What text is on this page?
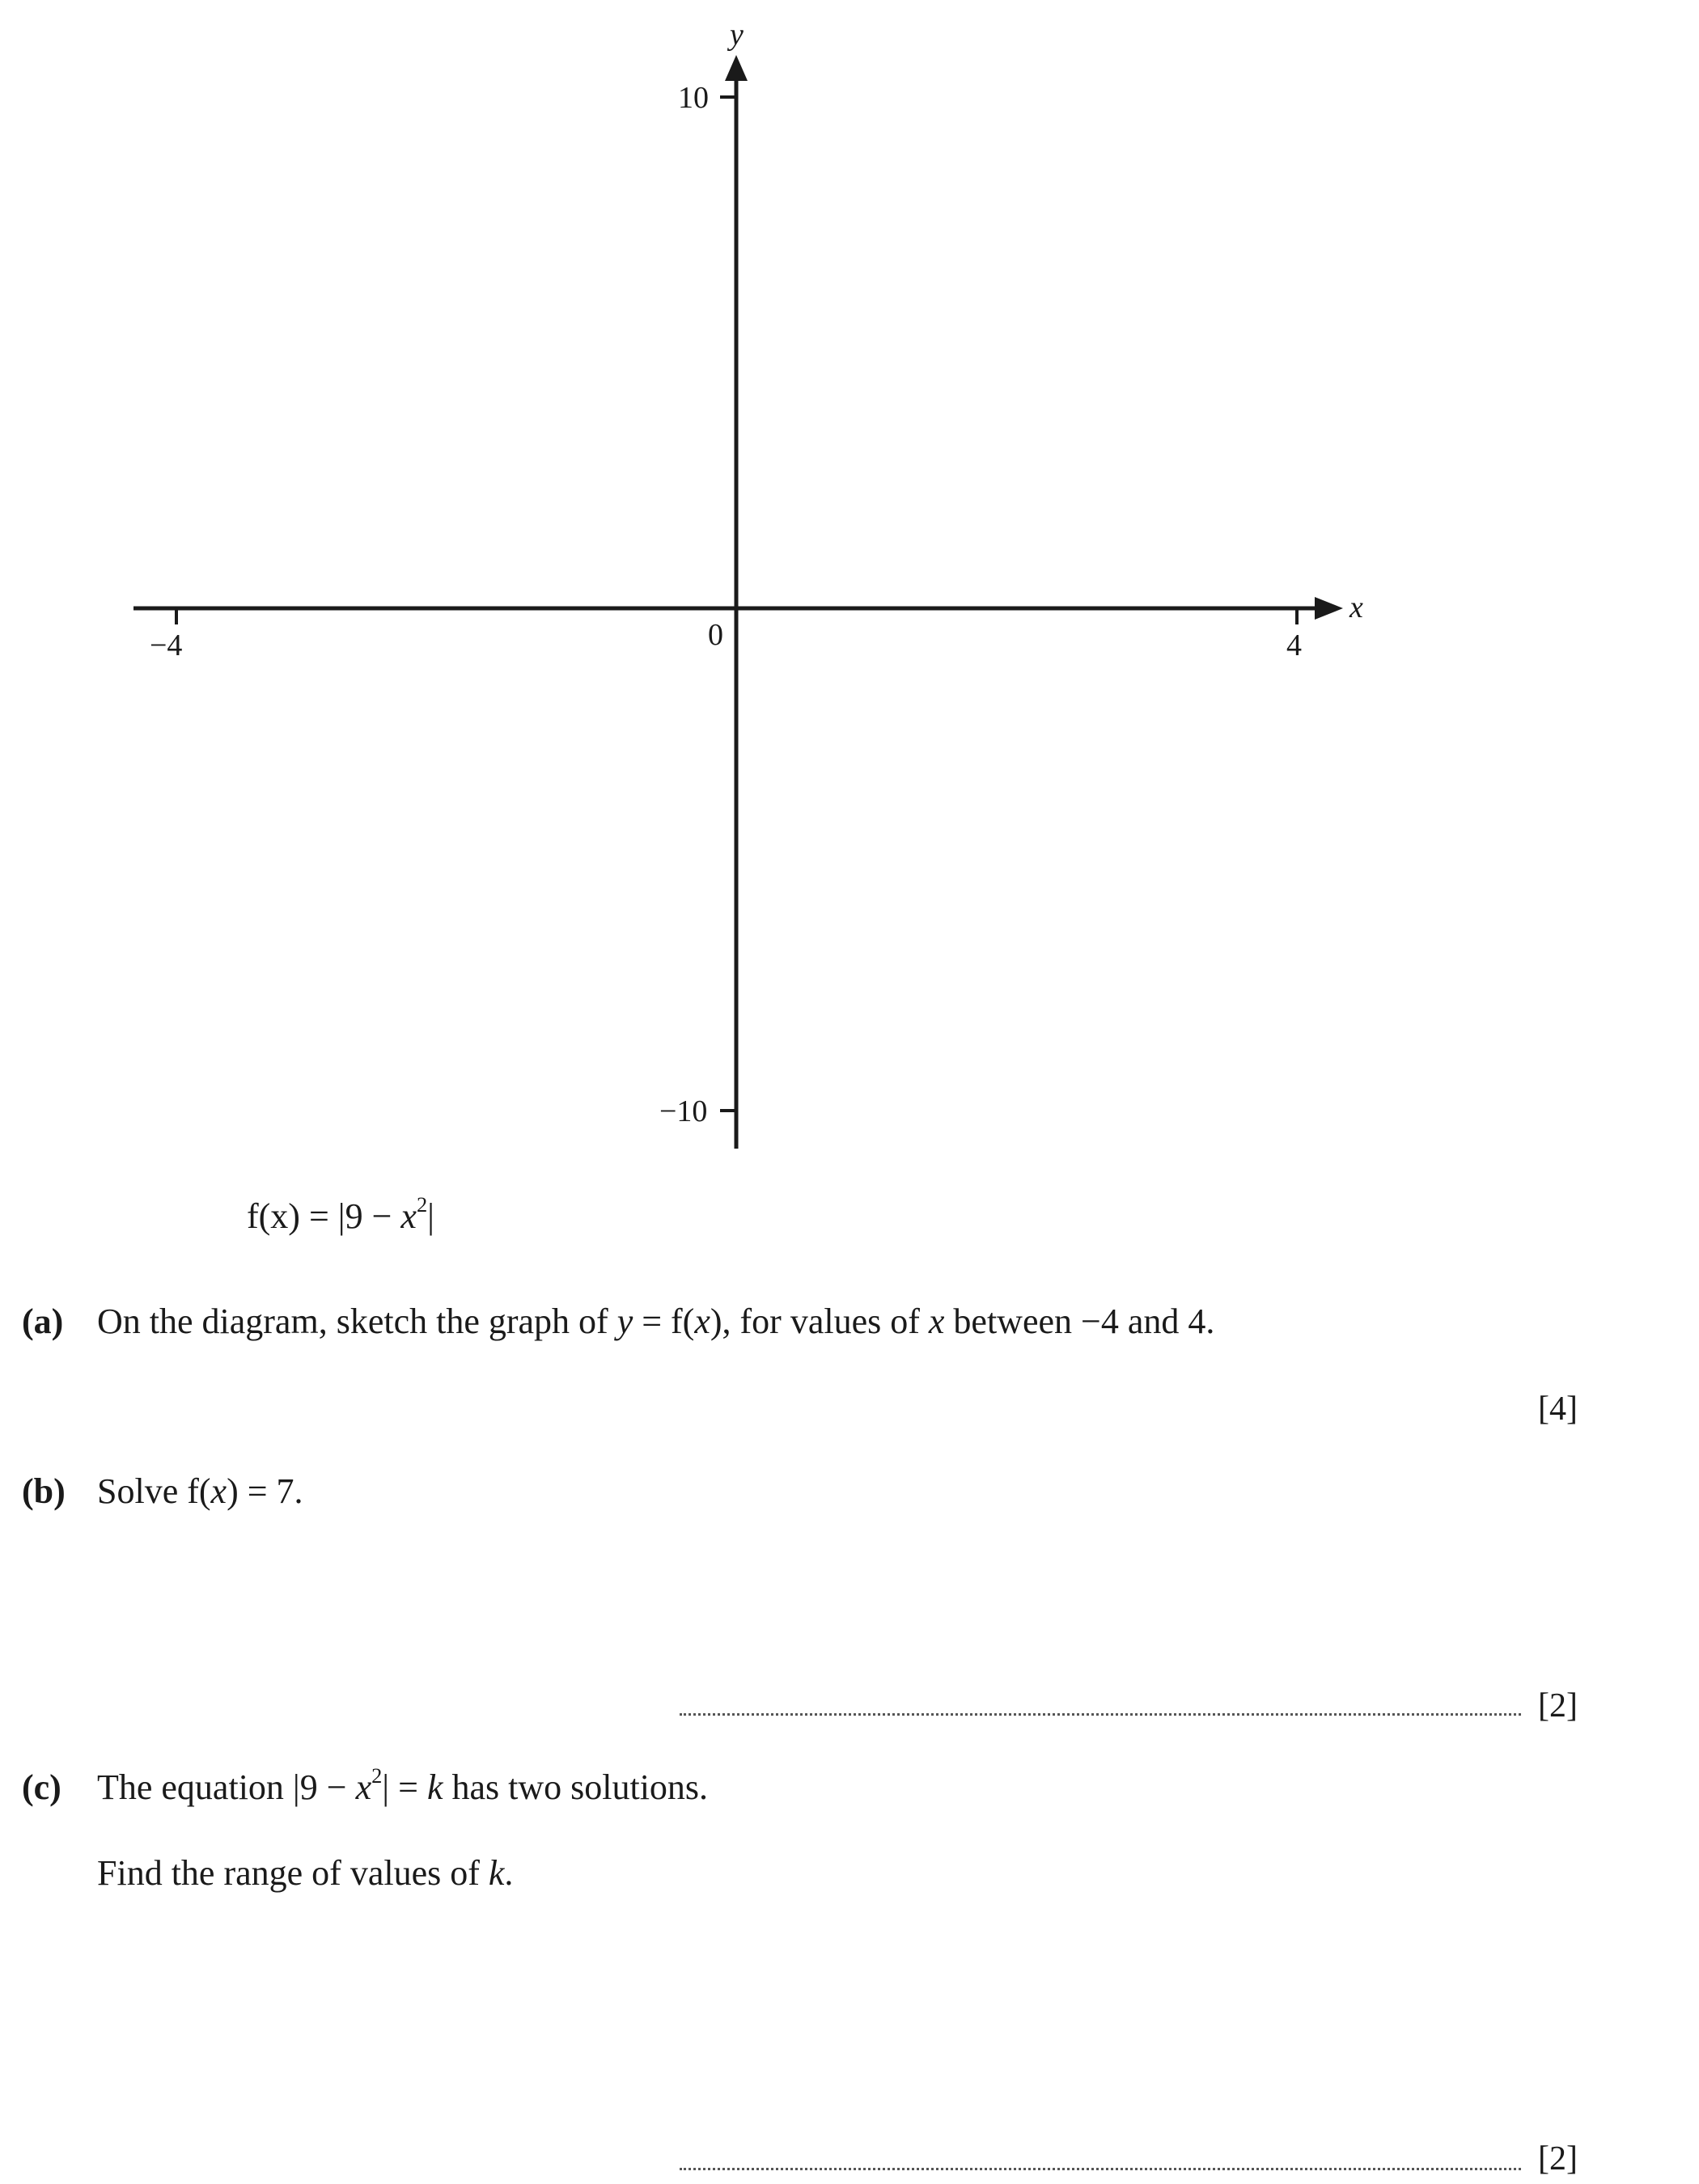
−4	4
0
10
−10
x
y
$f(x) = |9 - x^2|$
(a) On the diagram, sketch the graph of y = f(x), for values of x between −4 and 4.
[4]
(b) Solve f(x) = 7.
[2]
(c) The equation $|9 - x^2| = k$ has two solutions.
Find the range of values of k.
[2]
